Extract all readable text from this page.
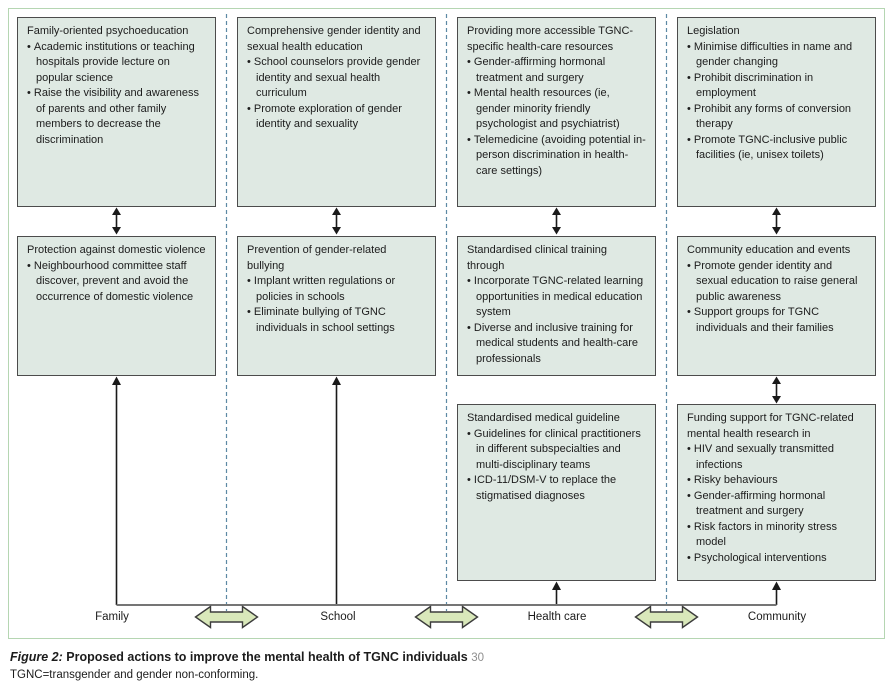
Family-oriented psychoeducation
• Academic institutions or teaching hospitals provide lecture on popular science
• Raise the visibility and awareness of parents and other family members to decrease the discrimination
Protection against domestic violence
• Neighbourhood committee staff discover, prevent and avoid the occurrence of domestic violence
Comprehensive gender identity and sexual health education
• School counselors provide gender identity and sexual health curriculum
• Promote exploration of gender identity and sexuality
Prevention of gender-related bullying
• Implant written regulations or policies in schools
• Eliminate bullying of TGNC individuals in school settings
Providing more accessible TGNC-specific health-care resources
• Gender-affirming hormonal treatment and surgery
• Mental health resources (ie, gender minority friendly psychologist and psychiatrist)
• Telemedicine (avoiding potential in-person discrimination in health-care settings)
Standardised clinical training through
• Incorporate TGNC-related learning opportunities in medical education system
• Diverse and inclusive training for medical students and health-care professionals
Standardised medical guideline
• Guidelines for clinical practitioners in different subspecialties and multi-disciplinary teams
• ICD-11/DSM-V to replace the stigmatised diagnoses
Legislation
• Minimise difficulties in name and gender changing
• Prohibit discrimination in employment
• Prohibit any forms of conversion therapy
• Promote TGNC-inclusive public facilities (ie, unisex toilets)
Community education and events
• Promote gender identity and sexual education to raise general public awareness
• Support groups for TGNC individuals and their families
Funding support for TGNC-related mental health research in
• HIV and sexually transmitted infections
• Risky behaviours
• Gender-affirming hormonal treatment and surgery
• Risk factors in minority stress model
• Psychological interventions
Family	School	Health care	Community
Figure 2: Proposed actions to improve the mental health of TGNC individuals 30
TGNC=transgender and gender non-conforming.
